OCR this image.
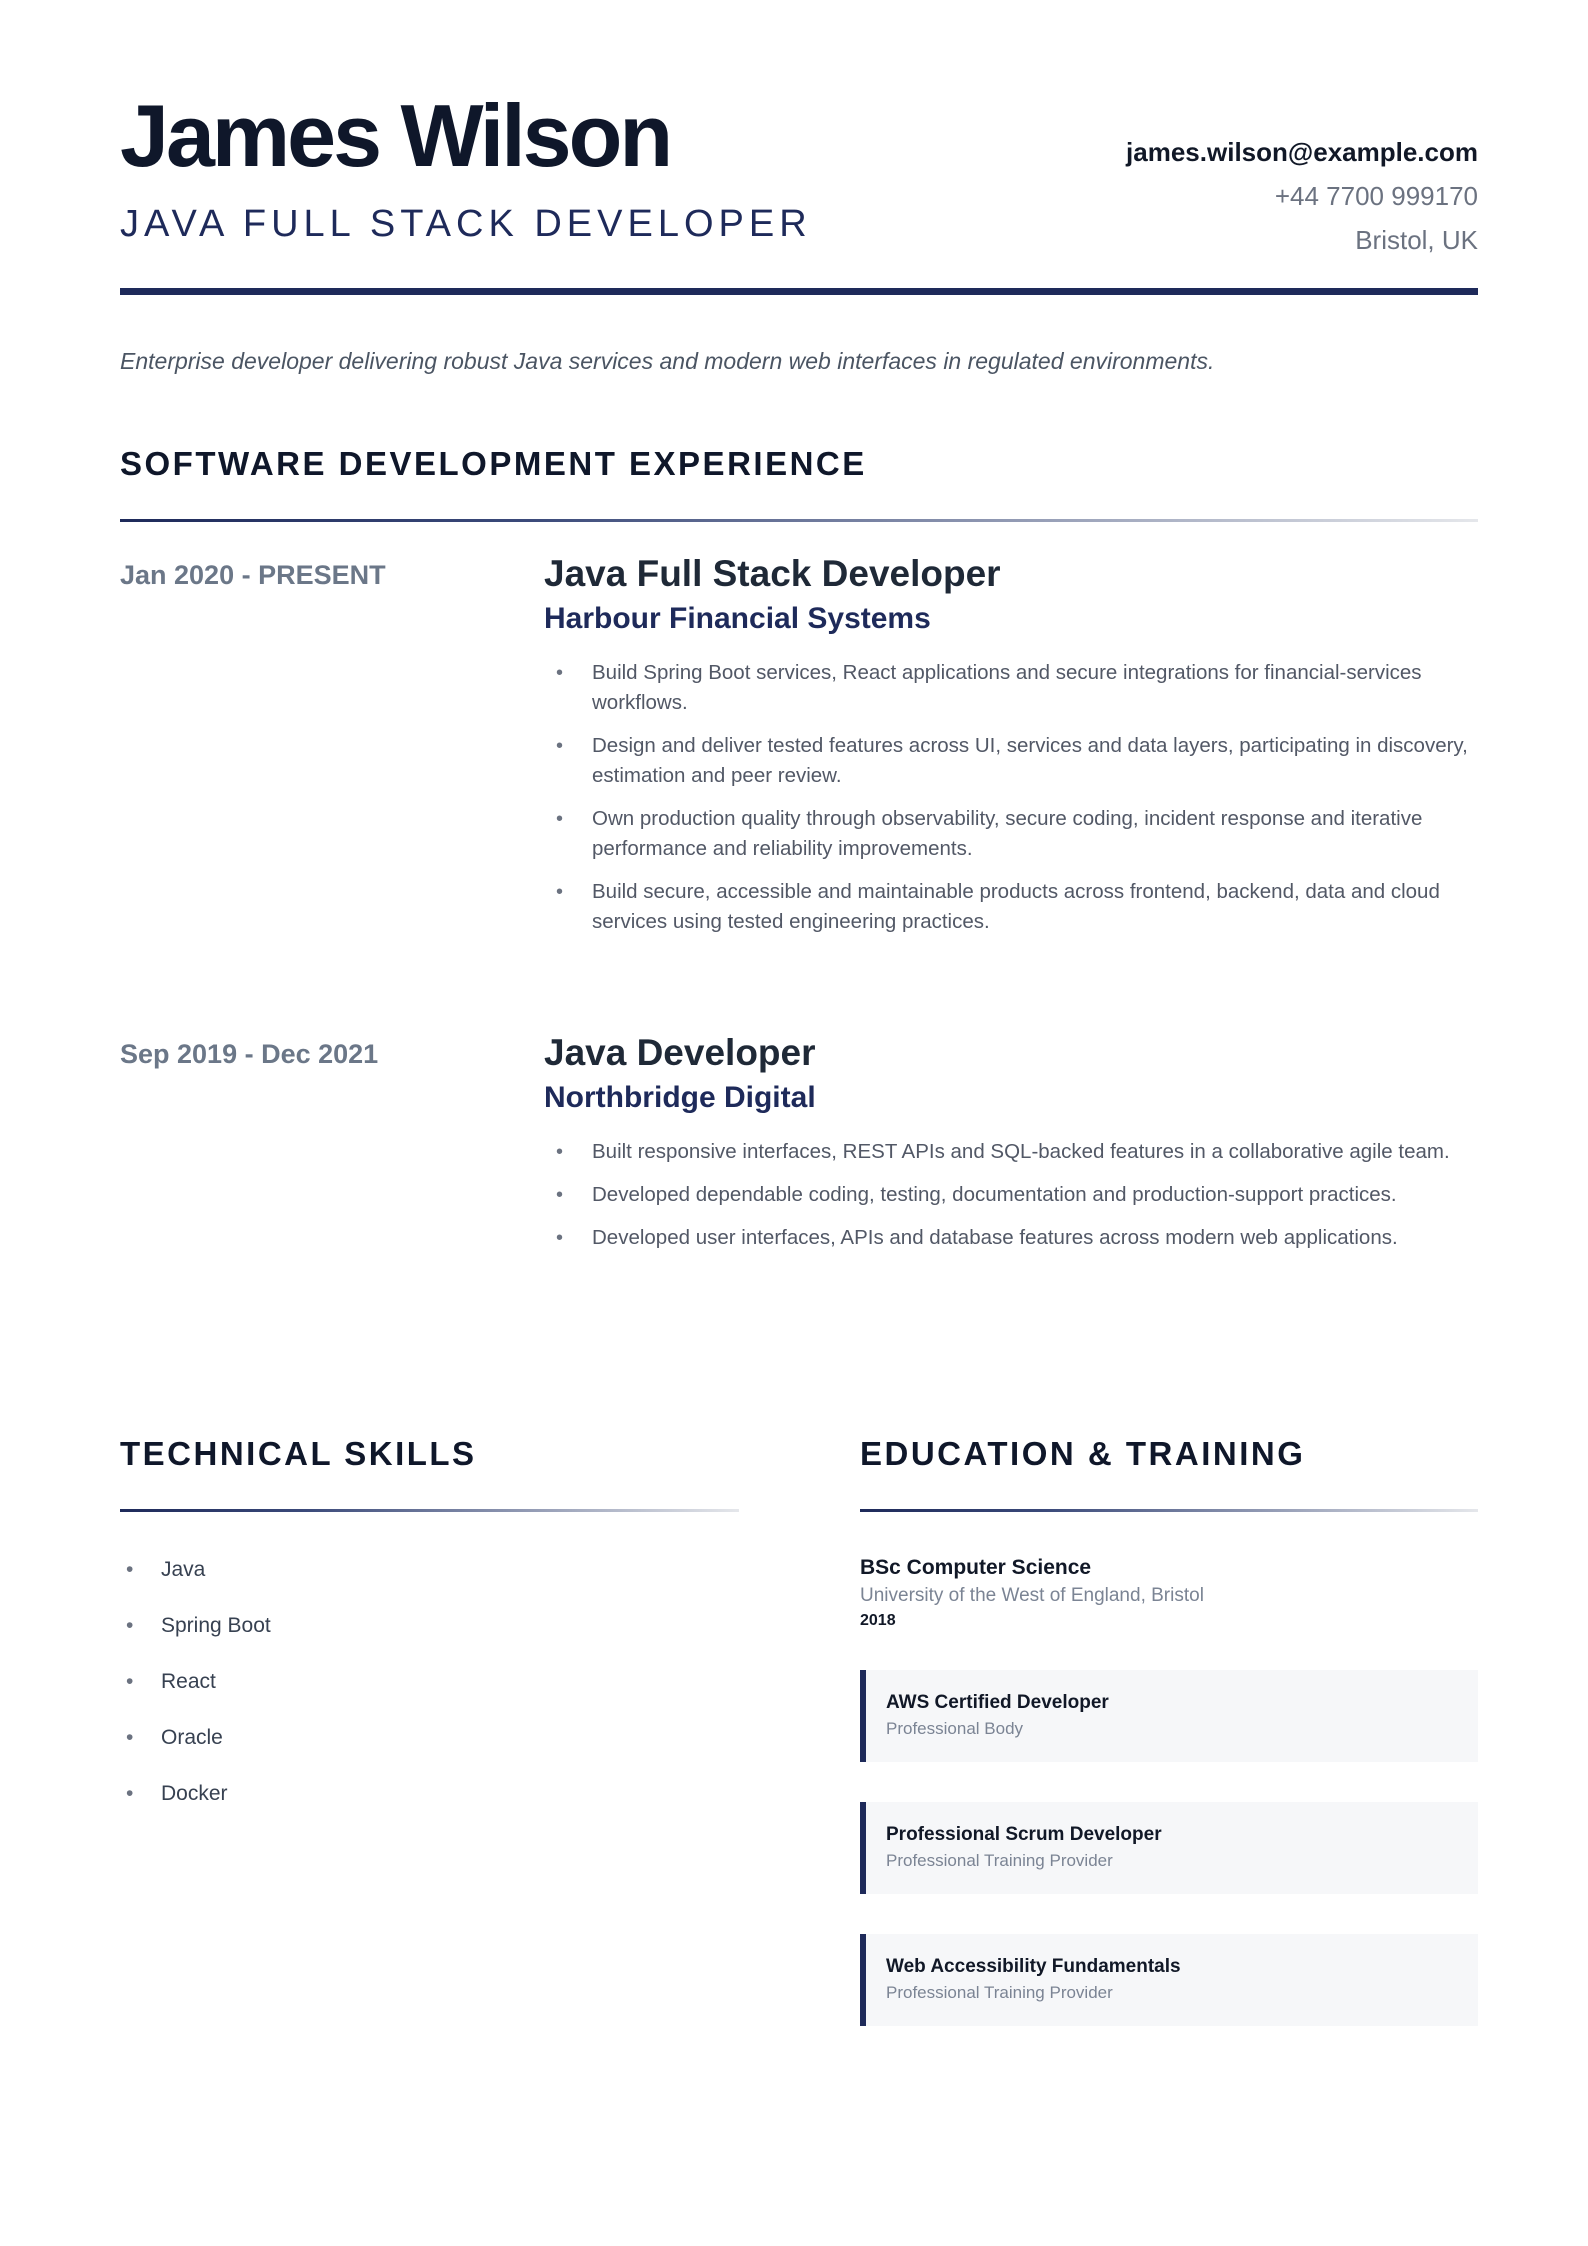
James Wilson
JAVA FULL STACK DEVELOPER
james.wilson@example.com
+44 7700 999170
Bristol, UK
Enterprise developer delivering robust Java services and modern web interfaces in regulated environments.
SOFTWARE DEVELOPMENT EXPERIENCE
Jan 2020 - PRESENT	Java Full Stack Developer
Harbour Financial Systems
• Build Spring Boot services, React applications and secure integrations for financial-services workflows.
• Design and deliver tested features across UI, services and data layers, participating in discovery, estimation and peer review.
• Own production quality through observability, secure coding, incident response and iterative performance and reliability improvements.
• Build secure, accessible and maintainable products across frontend, backend, data and cloud services using tested engineering practices.
Sep 2019 - Dec 2021	Java Developer
Northbridge Digital
• Built responsive interfaces, REST APIs and SQL-backed features in a collaborative agile team.
• Developed dependable coding, testing, documentation and production-support practices.
• Developed user interfaces, APIs and database features across modern web applications.
TECHNICAL SKILLS
• Java
• Spring Boot
• React
• Oracle
• Docker
EDUCATION & TRAINING
BSc Computer Science
University of the West of England, Bristol
2018
AWS Certified Developer
Professional Body
Professional Scrum Developer
Professional Training Provider
Web Accessibility Fundamentals
Professional Training Provider
